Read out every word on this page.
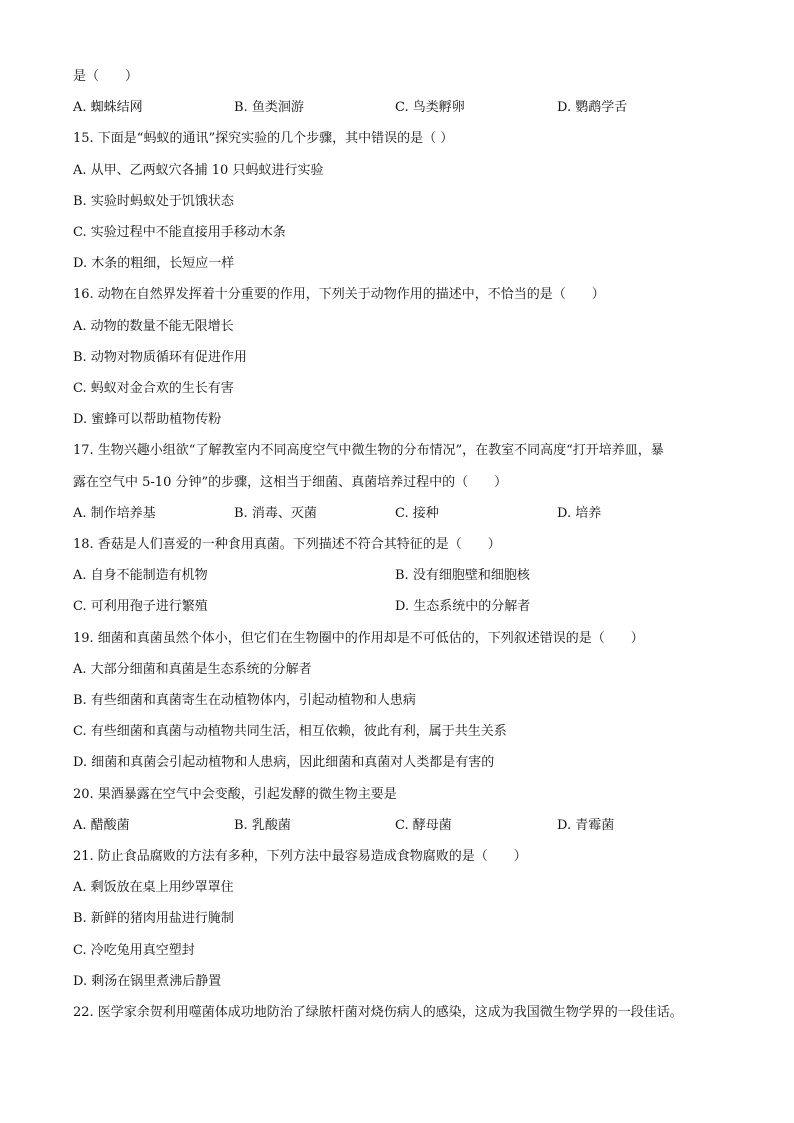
是（　　）
A. 蜘蛛结网	B. 鱼类洄游	C. 鸟类孵卵	D. 鹦鹉学舌
15. 下面是“蚂蚁的通讯”探究实验的几个步骤，其中错误的是（ ）
A. 从甲、乙两蚁穴各捕 10 只蚂蚁进行实验
B. 实验时蚂蚁处于饥饿状态
C. 实验过程中不能直接用手移动木条
D. 木条的粗细，长短应一样
16. 动物在自然界发挥着十分重要的作用，下列关于动物作用的描述中，不恰当的是（　　）
A. 动物的数量不能无限增长
B. 动物对物质循环有促进作用
C. 蚂蚁对金合欢的生长有害
D. 蜜蜂可以帮助植物传粉
17. 生物兴趣小组欲“了解教室内不同高度空气中微生物的分布情况”，在教室不同高度“打开培养皿，暴
露在空气中 5-10 分钟”的步骤，这相当于细菌、真菌培养过程中的（　　）
A. 制作培养基	B. 消毒、灭菌	C. 接种	D. 培养
18. 香菇是人们喜爱的一种食用真菌。下列描述不符合其特征的是（　　）
A. 自身不能制造有机物	B. 没有细胞壁和细胞核
C. 可利用孢子进行繁殖	D. 生态系统中的分解者
19. 细菌和真菌虽然个体小，但它们在生物圈中的作用却是不可低估的，下列叙述错误的是（　　）
A. 大部分细菌和真菌是生态系统的分解者
B. 有些细菌和真菌寄生在动植物体内，引起动植物和人患病
C. 有些细菌和真菌与动植物共同生活，相互依赖，彼此有利，属于共生关系
D. 细菌和真菌会引起动植物和人患病，因此细菌和真菌对人类都是有害的
20. 果酒暴露在空气中会变酸，引起发酵的微生物主要是
A. 醋酸菌	B. 乳酸菌	C. 酵母菌	D. 青霉菌
21. 防止食品腐败的方法有多种，下列方法中最容易造成食物腐败的是（　　）
A. 剩饭放在桌上用纱罩罩住
B. 新鲜的猪肉用盐进行腌制
C. 冷吃兔用真空塑封
D. 剩汤在锅里煮沸后静置
22. 医学家余贺利用噬菌体成功地防治了绿脓杆菌对烧伤病人的感染，这成为我国微生物学界的一段佳话。
